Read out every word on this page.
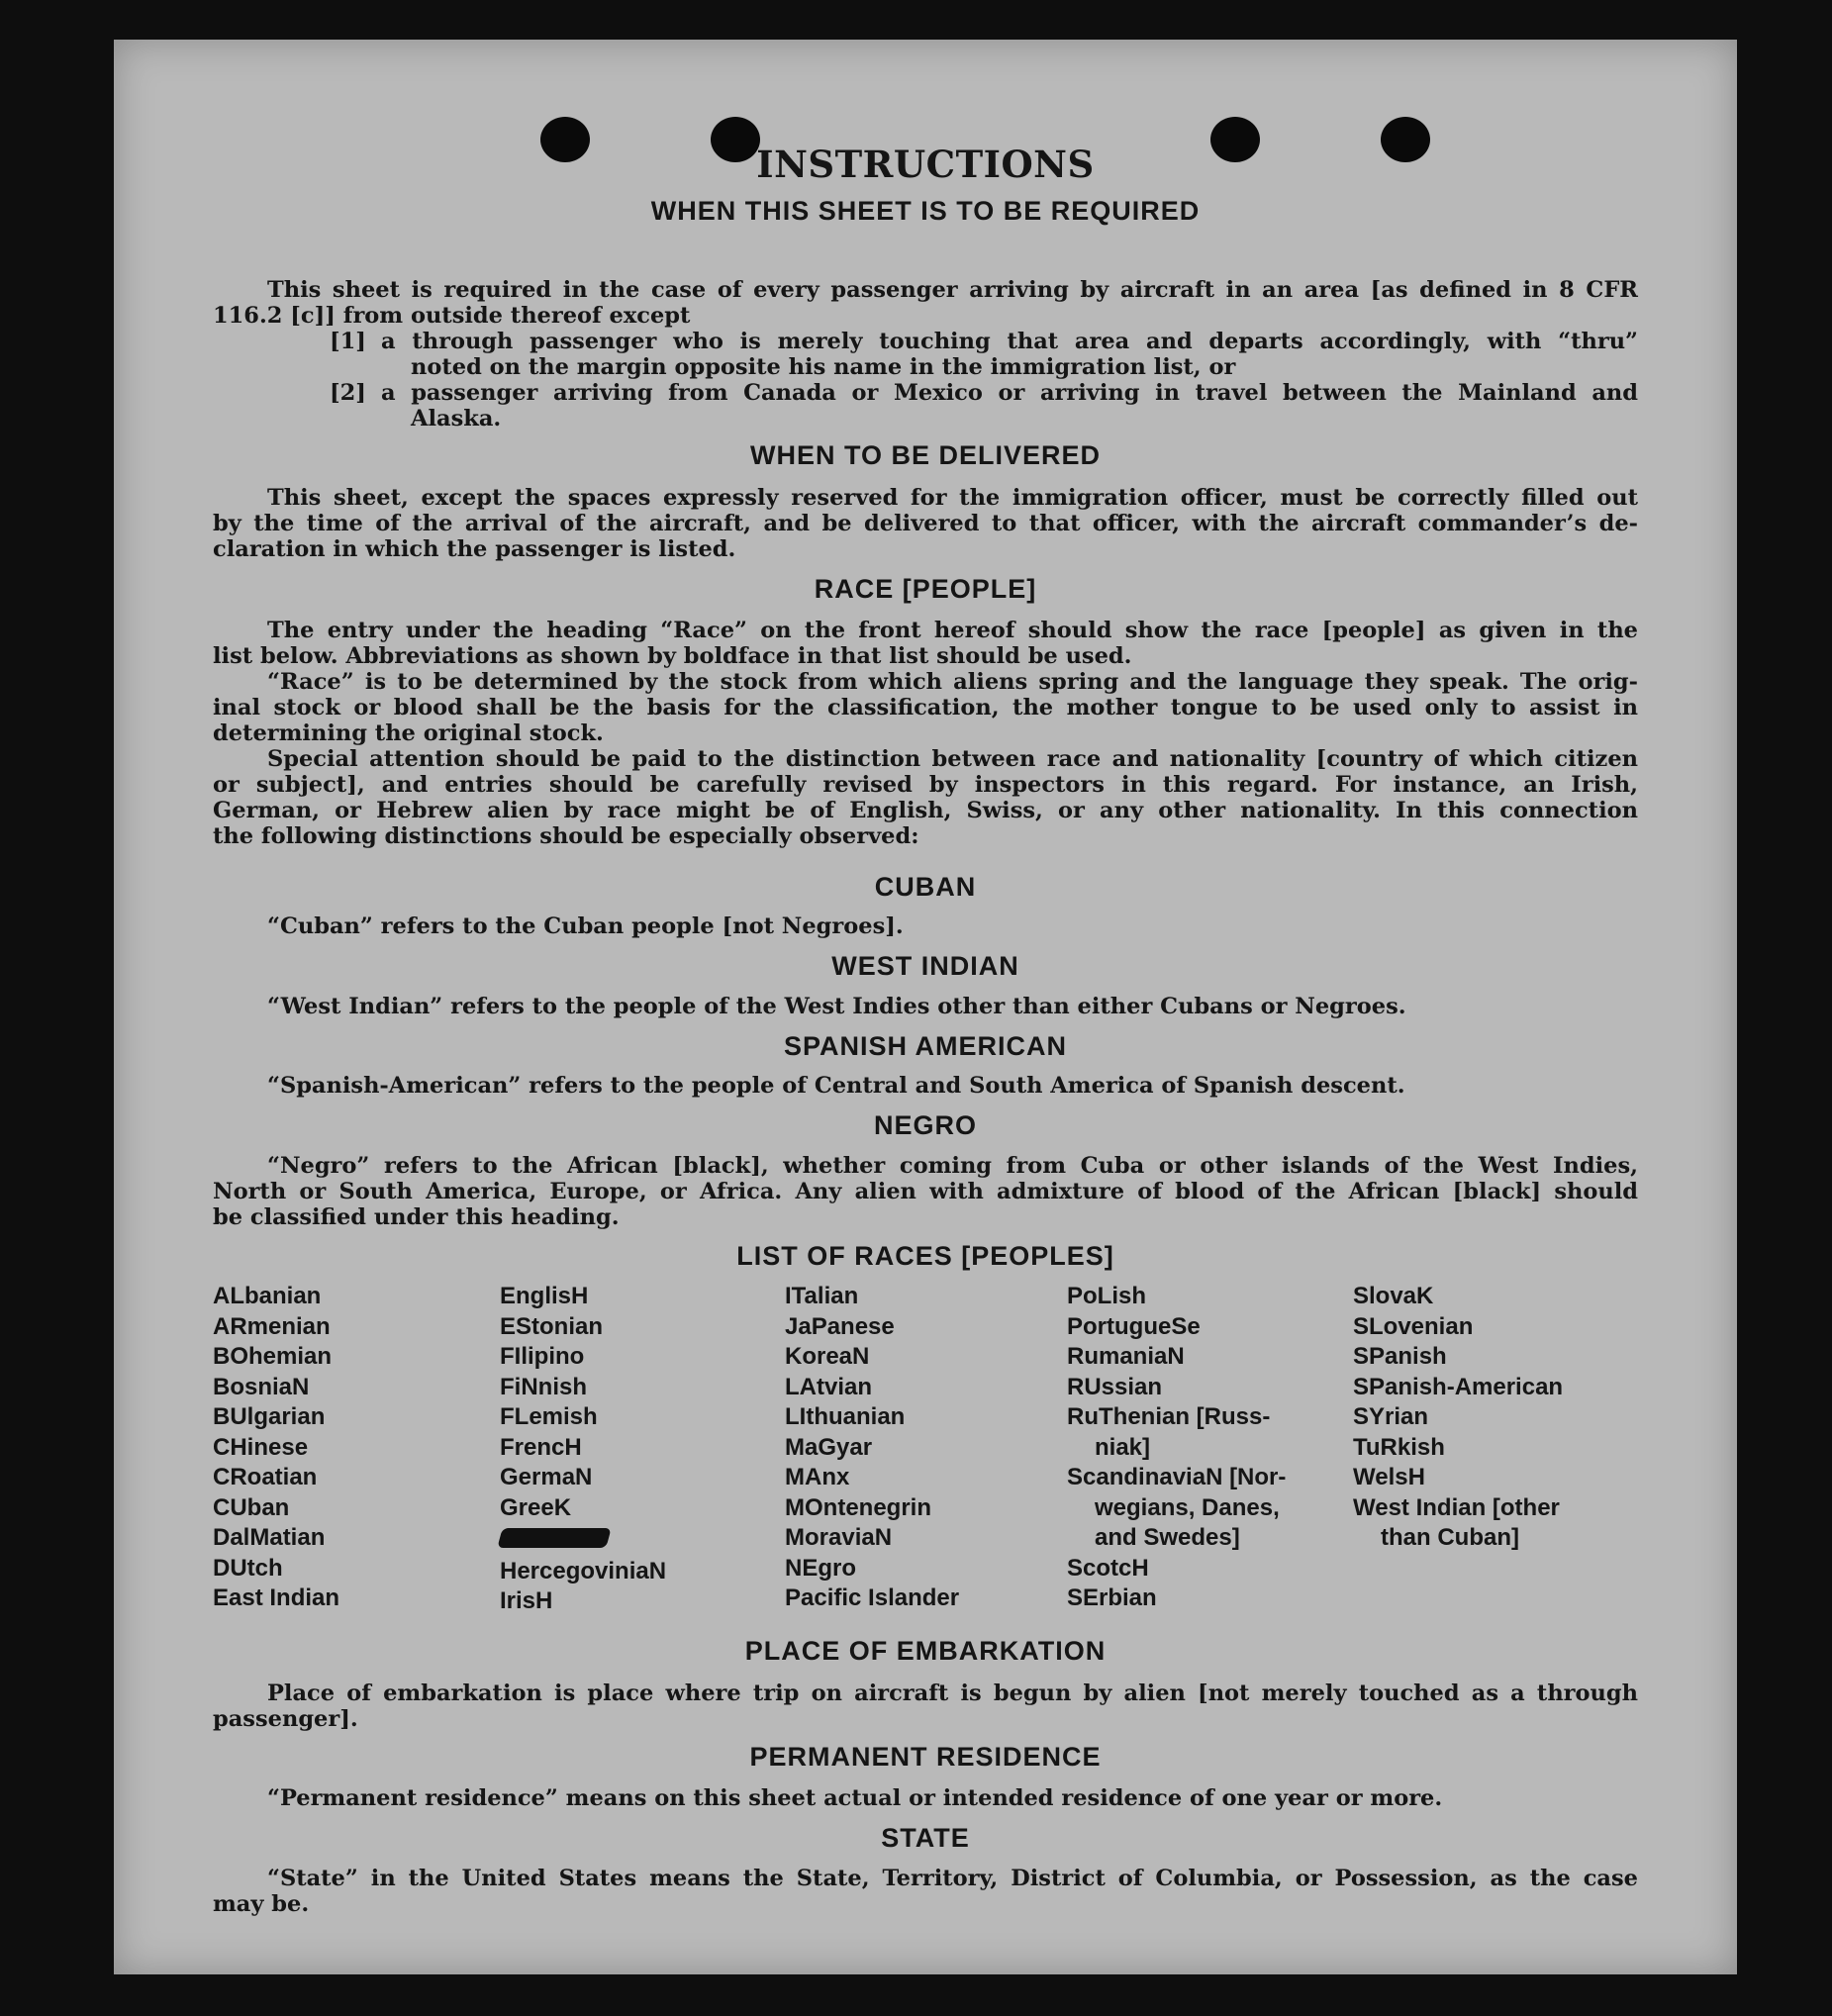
INSTRUCTIONS
WHEN THIS SHEET IS TO BE REQUIRED
This sheet is required in the case of every passenger arriving by aircraft in an area [as defined in 8 CFR
116.2 [c]] from outside thereof except
[1] a through passenger who is merely touching that area and departs accordingly, with “thru”
noted on the margin opposite his name in the immigration list, or
[2] a passenger arriving from Canada or Mexico or arriving in travel between the Mainland and
Alaska.
WHEN TO BE DELIVERED
This sheet, except the spaces expressly reserved for the immigration officer, must be correctly filled out
by the time of the arrival of the aircraft, and be delivered to that officer, with the aircraft commander’s de-
claration in which the passenger is listed.
RACE [PEOPLE]
The entry under the heading “Race” on the front hereof should show the race [people] as given in the
list below. Abbreviations as shown by boldface in that list should be used.
“Race” is to be determined by the stock from which aliens spring and the language they speak. The orig-
inal stock or blood shall be the basis for the classification, the mother tongue to be used only to assist in
determining the original stock.
Special attention should be paid to the distinction between race and nationality [country of which citizen
or subject], and entries should be carefully revised by inspectors in this regard. For instance, an Irish,
German, or Hebrew alien by race might be of English, Swiss, or any other nationality. In this connection
the following distinctions should be especially observed:
CUBAN
“Cuban” refers to the Cuban people [not Negroes].
WEST INDIAN
“West Indian” refers to the people of the West Indies other than either Cubans or Negroes.
SPANISH AMERICAN
“Spanish-American” refers to the people of Central and South America of Spanish descent.
NEGRO
“Negro” refers to the African [black], whether coming from Cuba or other islands of the West Indies,
North or South America, Europe, or Africa. Any alien with admixture of blood of the African [black] should
be classified under this heading.
LIST OF RACES [PEOPLES]
ALbanian
ARmenian
BOhemian
BosniaN
BUlgarian
CHinese
CRoatian
CUban
DalMatian
DUtch
East Indian
EnglisH
EStonian
FIlipino
FiNnish
FLemish
FrencH
GermaN
GreeK
HercegoviniaN
IrisH
ITalian
JaPanese
KoreaN
LAtvian
LIthuanian
MaGyar
MAnx
MOntenegrin
MoraviaN
NEgro
Pacific Islander
PoLish
PortugueSe
RumaniaN
RUssian
RuThenian [Russ-
niak]
ScandinaviaN [Nor-
wegians, Danes,
and Swedes]
ScotcH
SErbian
SlovaK
SLovenian
SPanish
SPanish-American
SYrian
TuRkish
WelsH
West Indian [other
than Cuban]
PLACE OF EMBARKATION
Place of embarkation is place where trip on aircraft is begun by alien [not merely touched as a through
passenger].
PERMANENT RESIDENCE
“Permanent residence” means on this sheet actual or intended residence of one year or more.
STATE
“State” in the United States means the State, Territory, District of Columbia, or Possession, as the case
may be.
